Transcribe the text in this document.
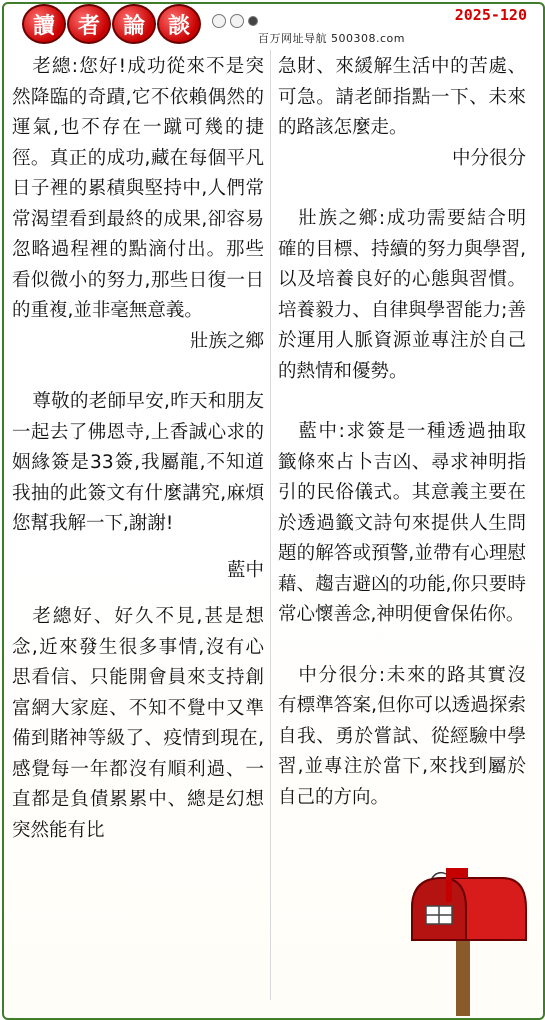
讀	者	論	談	2025-120
百万网址导航 500308.com

老總:您好!成功從來不是突然降臨的奇蹟,它不依賴偶然的運氣,也不存在一蹴可幾的捷徑。真正的成功,藏在每個平凡日子裡的累積與堅持中,人們常常渴望看到最終的成果,卻容易忽略過程裡的點滴付出。那些看似微小的努力,那些日復一日的重複,並非毫無意義。

壯族之鄉

尊敬的老師早安,昨天和朋友一起去了佛恩寺,上香誠心求的姻緣簽是33簽,我屬龍,不知道我抽的此簽文有什麼講究,麻煩您幫我解一下,謝謝!

藍中

老總好、好久不見,甚是想念,近來發生很多事情,沒有心思看信、只能開會員來支持創富網大家庭、不知不覺中又準備到賭神等級了、疫情到現在,感覺每一年都沒有順利過、一直都是負債累累中、總是幻想突然能有比

急財、來緩解生活中的苦處、可急。請老師指點一下、未來的路該怎麼走。

中分很分

壯族之鄉:成功需要結合明確的目標、持續的努力與學習,以及培養良好的心態與習慣。培養毅力、自律與學習能力;善於運用人脈資源並專注於自己的熱情和優勢。

藍中:求簽是一種透過抽取籤條來占卜吉凶、尋求神明指引的民俗儀式。其意義主要在於透過籤文詩句來提供人生問題的解答或預警,並帶有心理慰藉、趨吉避凶的功能,你只要時常心懷善念,神明便會保佑你。

中分很分:未來的路其實沒有標準答案,但你可以透過探索自我、勇於嘗試、從經驗中學習,並專注於當下,來找到屬於自己的方向。
